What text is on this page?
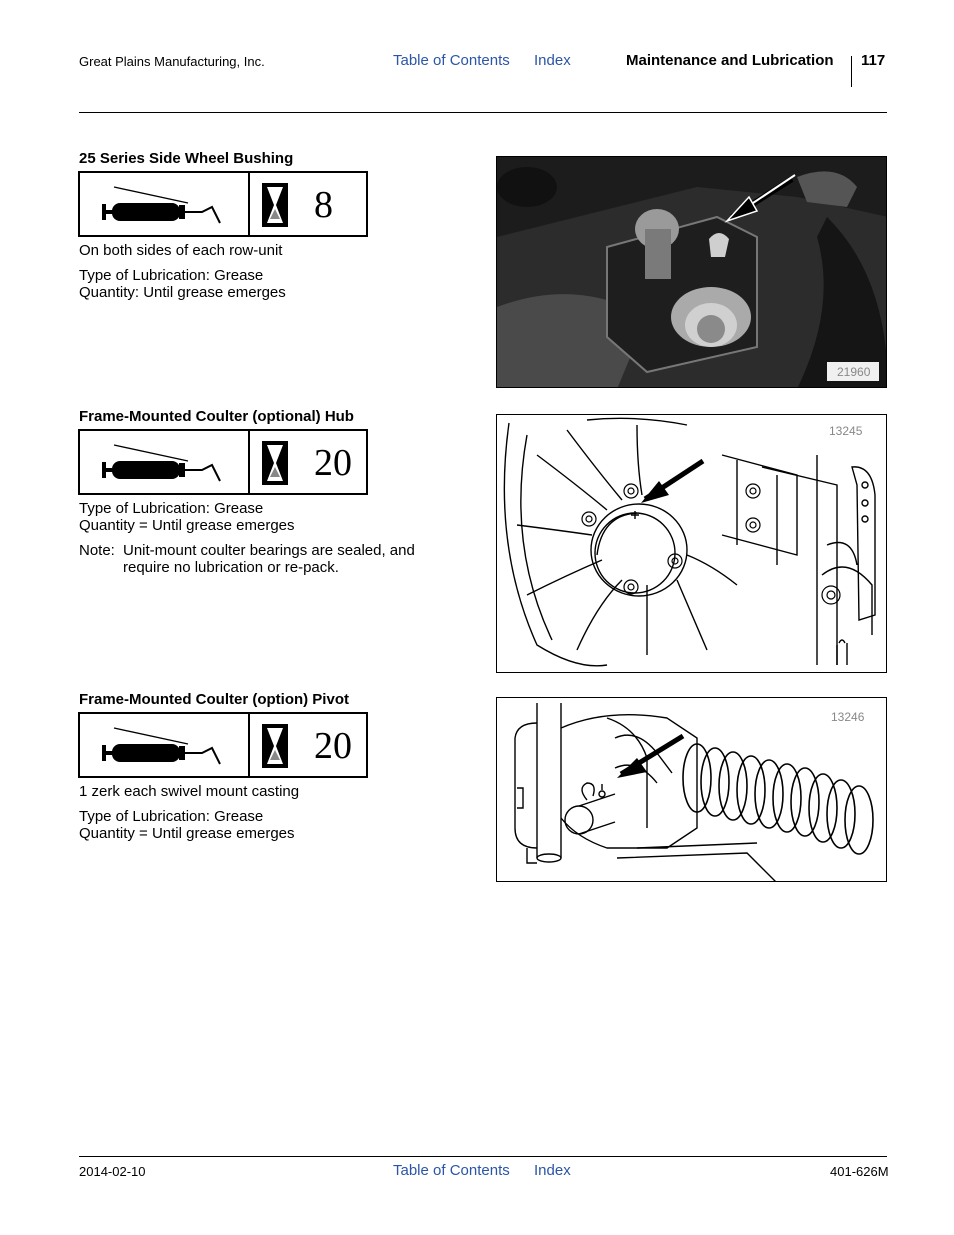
Great Plains Manufacturing, Inc.	Table of Contents Index	Maintenance and Lubrication 117
25 Series Side Wheel Bushing
8
On both sides of each row-unit
Type of Lubrication: Grease
Quantity: Until grease emerges
21960
Frame-Mounted Coulter (optional) Hub
20
Type of Lubrication: Grease
Quantity = Until grease emerges
Note: Unit-mount coulter bearings are sealed, and
require no lubrication or re-pack.
13245
Frame-Mounted Coulter (option) Pivot
20
1 zerk each swivel mount casting
Type of Lubrication: Grease
Quantity = Until grease emerges
13246
2014-02-10	Table of Contents Index	401-626M
